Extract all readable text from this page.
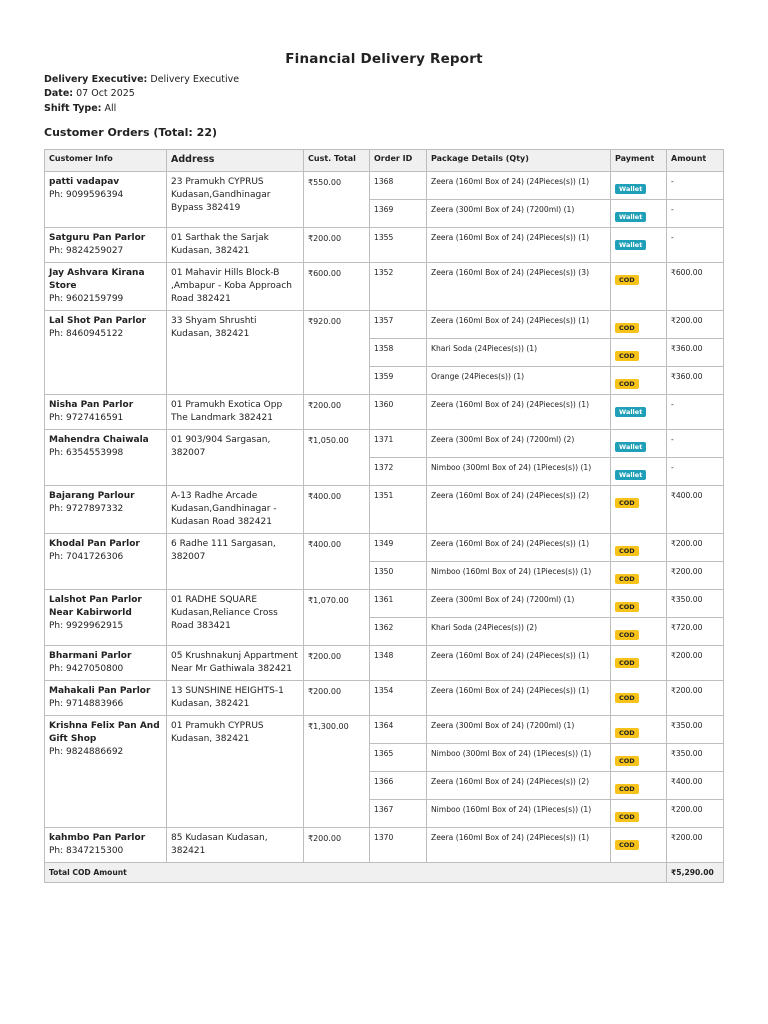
Financial Delivery Report
Delivery Executive: Delivery Executive
Date: 07 Oct 2025
Shift Type: All
Customer Orders (Total: 22)
Customer Info	Address	Cust. Total	Order ID	Package Details (Qty)	Payment	Amount

patti vadapav
Ph: 9099596394	23 Pramukh CYPRUS Kudasan,Gandhinagar Bypass 382419	₹550.00	1368	Zeera (160ml Box of 24) (24Pieces(s)) (1)	Wallet	-
			1369	Zeera (300ml Box of 24) (7200ml) (1)	Wallet	-

Satguru Pan Parlor
Ph: 9824259027	01 Sarthak the Sarjak Kudasan, 382421	₹200.00	1355	Zeera (160ml Box of 24) (24Pieces(s)) (1)	Wallet	-

Jay Ashvara Kirana Store
Ph: 9602159799	01 Mahavir Hills Block-B ,Ambapur - Koba Approach Road 382421	₹600.00	1352	Zeera (160ml Box of 24) (24Pieces(s)) (3)	COD	₹600.00

Lal Shot Pan Parlor
Ph: 8460945122	33 Shyam Shrushti Kudasan, 382421	₹920.00	1357	Zeera (160ml Box of 24) (24Pieces(s)) (1)	COD	₹200.00
			1358	Khari Soda (24Pieces(s)) (1)	COD	₹360.00
			1359	Orange (24Pieces(s)) (1)	COD	₹360.00

Nisha Pan Parlor
Ph: 9727416591	01 Pramukh Exotica Opp The Landmark 382421	₹200.00	1360	Zeera (160ml Box of 24) (24Pieces(s)) (1)	Wallet	-

Mahendra Chaiwala
Ph: 6354553998	01 903/904 Sargasan, 382007	₹1,050.00	1371	Zeera (300ml Box of 24) (7200ml) (2)	Wallet	-
			1372	Nimboo (300ml Box of 24) (1Pieces(s)) (1)	Wallet	-

Bajarang Parlour
Ph: 9727897332	A-13 Radhe Arcade Kudasan,Gandhinagar - Kudasan Road 382421	₹400.00	1351	Zeera (160ml Box of 24) (24Pieces(s)) (2)	COD	₹400.00

Khodal Pan Parlor
Ph: 7041726306	6 Radhe 111 Sargasan, 382007	₹400.00	1349	Zeera (160ml Box of 24) (24Pieces(s)) (1)	COD	₹200.00
			1350	Nimboo (160ml Box of 24) (1Pieces(s)) (1)	COD	₹200.00

Lalshot Pan Parlor Near Kabirworld
Ph: 9929962915	01 RADHE SQUARE Kudasan,Reliance Cross Road 383421	₹1,070.00	1361	Zeera (300ml Box of 24) (7200ml) (1)	COD	₹350.00
			1362	Khari Soda (24Pieces(s)) (2)	COD	₹720.00

Bharmani Parlor
Ph: 9427050800	05 Krushnakunj Appartment Near Mr Gathiwala 382421	₹200.00	1348	Zeera (160ml Box of 24) (24Pieces(s)) (1)	COD	₹200.00

Mahakali Pan Parlor
Ph: 9714883966	13 SUNSHINE HEIGHTS-1 Kudasan, 382421	₹200.00	1354	Zeera (160ml Box of 24) (24Pieces(s)) (1)	COD	₹200.00

Krishna Felix Pan And Gift Shop
Ph: 9824886692	01 Pramukh CYPRUS Kudasan, 382421	₹1,300.00	1364	Zeera (300ml Box of 24) (7200ml) (1)	COD	₹350.00
			1365	Nimboo (300ml Box of 24) (1Pieces(s)) (1)	COD	₹350.00
			1366	Zeera (160ml Box of 24) (24Pieces(s)) (2)	COD	₹400.00
			1367	Nimboo (160ml Box of 24) (1Pieces(s)) (1)	COD	₹200.00

kahmbo Pan Parlor
Ph: 8347215300	85 Kudasan Kudasan, 382421	₹200.00	1370	Zeera (160ml Box of 24) (24Pieces(s)) (1)	COD	₹200.00
Total COD Amount						₹5,290.00
